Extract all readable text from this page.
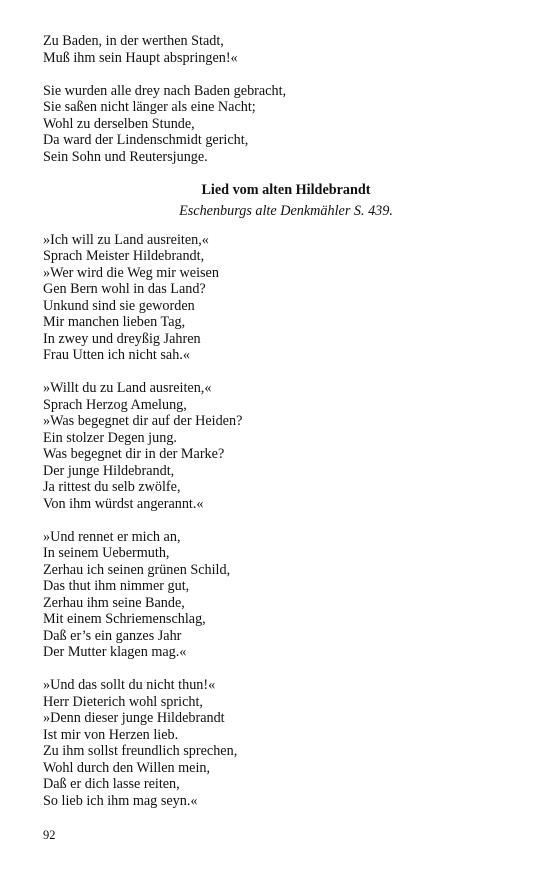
Zu Baden, in der werthen Stadt,
Muß ihm sein Haupt abspringen!«
Sie wurden alle drey nach Baden gebracht,
Sie saßen nicht länger als eine Nacht;
Wohl zu derselben Stunde,
Da ward der Lindenschmidt gericht,
Sein Sohn und Reutersjunge.
Lied vom alten Hildebrandt
Eschenburgs alte Denkmähler S. 439.
»Ich will zu Land ausreiten,«
Sprach Meister Hildebrandt,
»Wer wird die Weg mir weisen
Gen Bern wohl in das Land?
Unkund sind sie geworden
Mir manchen lieben Tag,
In zwey und dreyßig Jahren
Frau Utten ich nicht sah.«
»Willt du zu Land ausreiten,«
Sprach Herzog Amelung,
»Was begegnet dir auf der Heiden?
Ein stolzer Degen jung.
Was begegnet dir in der Marke?
Der junge Hildebrandt,
Ja rittest du selb zwölfe,
Von ihm würdst angerannt.«
»Und rennet er mich an,
In seinem Uebermuth,
Zerhau ich seinen grünen Schild,
Das thut ihm nimmer gut,
Zerhau ihm seine Bande,
Mit einem Schriemenschlag,
Daß er’s ein ganzes Jahr
Der Mutter klagen mag.«
»Und das sollt du nicht thun!«
Herr Dieterich wohl spricht,
»Denn dieser junge Hildebrandt
Ist mir von Herzen lieb.
Zu ihm sollst freundlich sprechen,
Wohl durch den Willen mein,
Daß er dich lasse reiten,
So lieb ich ihm mag seyn.«
92
